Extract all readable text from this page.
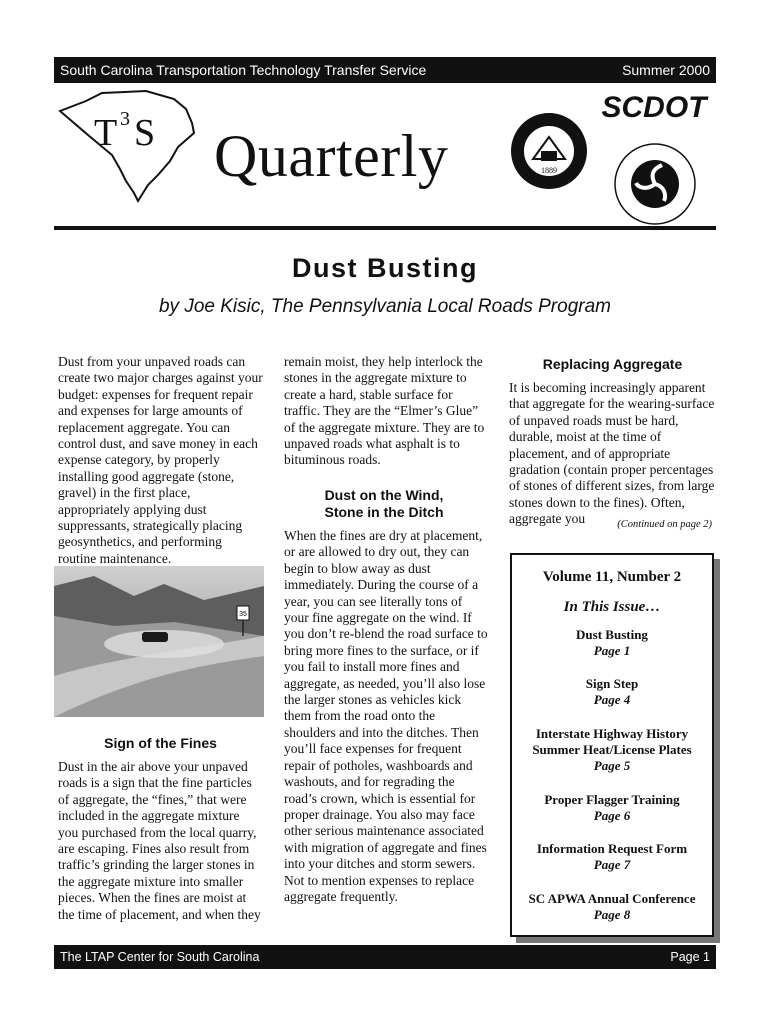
South Carolina Transportation Technology Transfer Service	Summer 2000
T 3 S Quarterly	1889
SCDOT
Dust Busting
by Joe Kisic, The Pennsylvania Local Roads Program

Dust from your unpaved roads can create two major charges against your budget: expenses for frequent repair and expenses for large amounts of replacement aggregate. You can control dust, and save money in each expense category, by properly installing good aggregate (stone, gravel) in the first place, appropriately applying dust suppressants, strategically placing geosynthetics, and performing routine maintenance.

35
Sign of the Fines

Dust in the air above your unpaved roads is a sign that the fine particles of aggregate, the “fines,” that were included in the aggregate mixture you purchased from the local quarry, are escaping. Fines also result from traffic’s grinding the larger stones in the aggregate mixture into smaller pieces. When the fines are moist at the time of placement, and when they

remain moist, they help interlock the stones in the aggregate mixture to create a hard, stable surface for traffic. They are the “Elmer’s Glue” of the aggregate mixture. They are to unpaved roads what asphalt is to bituminous roads.

Dust on the Wind,
Stone in the Ditch

When the fines are dry at placement, or are allowed to dry out, they can begin to blow away as dust immediately. During the course of a year, you can see literally tons of your fine aggregate on the wind. If you don’t re-blend the road surface to bring more fines to the surface, or if you fail to install more fines and aggregate, as needed, you’ll also lose the larger stones as vehicles kick them from the road onto the shoulders and into the ditches. Then you’ll face expenses for frequent repair of potholes, washboards and washouts, and for regrading the road’s crown, which is essential for proper drainage. You also may face other serious maintenance associated with migration of aggregate and fines into your ditches and storm sewers. Not to mention expenses to replace aggregate frequently.

Replacing Aggregate

It is becoming increasingly apparent that aggregate for the wearing-surface of unpaved roads must be hard, durable, moist at the time of placement, and of appropriate gradation (contain proper percentages of stones of different sizes, from large stones down to the fines). Often, aggregate you	(Continued on page 2)
Volume 11, Number 2
In This Issue…
Dust Busting
Page 1
Sign Step
Page 4
Interstate Highway History
Summer Heat/License Plates
Page 5
Proper Flagger Training
Page 6
Information Request Form
Page 7
SC APWA Annual Conference
Page 8
The LTAP Center for South Carolina	Page 1
